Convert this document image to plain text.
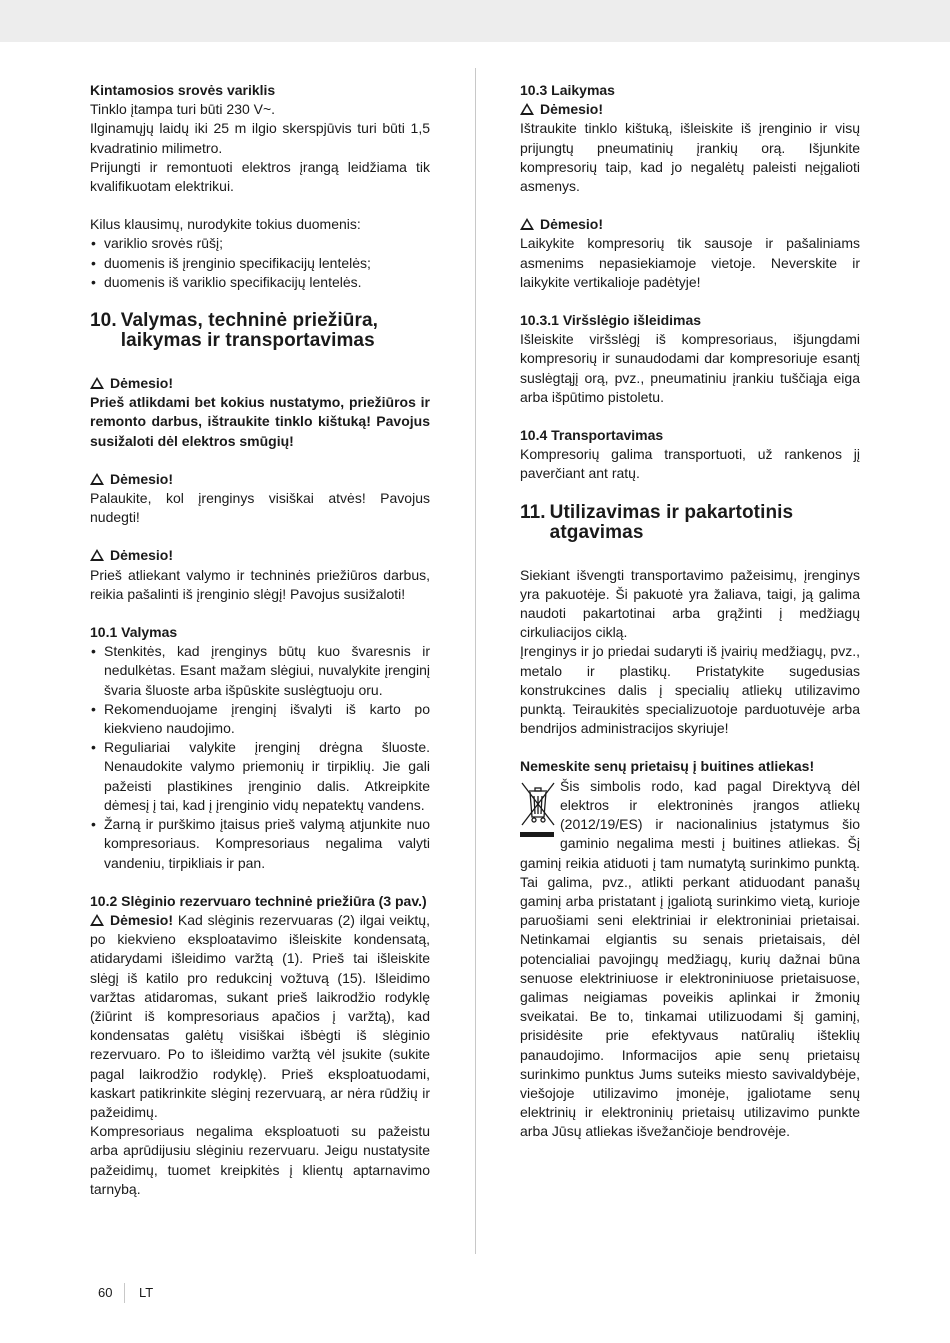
Kintamosios srovės variklis

Tinklo įtampa turi būti 230 V~.

Ilginamųjų laidų iki 25 m ilgio skerspjūvis turi būti 1,5 kvadratinio milimetro.

Prijungti ir remontuoti elektros įrangą leidžiama tik kvalifikuotam elektrikui.

Kilus klausimų, nurodykite tokius duomenis:

• variklio srovės rūšį;
• duomenis iš įrenginio specifikacijų lentelės;
• duomenis iš variklio specifikacijų lentelės.
10. Valymas, techninė priežiūra, laikymas ir transportavimas

Dėmesio!

Prieš atlikdami bet kokius nustatymo, priežiūros ir remonto darbus, ištraukite tinklo kištuką! Pavojus susižaloti dėl elektros smūgių!

Dėmesio!

Palaukite, kol įrenginys visiškai atvės! Pavojus nudegti!

Dėmesio!

Prieš atliekant valymo ir techninės priežiūros darbus, reikia pašalinti iš įrenginio slėgį! Pavojus susižaloti!

10.1 Valymas

• Stenkitės, kad įrenginys būtų kuo švaresnis ir nedulkėtas. Esant mažam slėgiui, nuvalykite įrenginį švaria šluoste arba išpūskite suslėgtuoju oru.
• Rekomenduojame įrenginį išvalyti iš karto po kiekvieno naudojimo.
• Reguliariai valykite įrenginį drėgna šluoste. Nenaudokite valymo priemonių ir tirpiklių. Jie gali pažeisti plastikines įrenginio dalis. Atkreipkite dėmesį į tai, kad į įrenginio vidų nepatektų vandens.
• Žarną ir purškimo įtaisus prieš valymą atjunkite nuo kompresoriaus. Kompresoriaus negalima valyti vandeniu, tirpikliais ir pan.

10.2 Slėginio rezervuaro techninė priežiūra (3 pav.)

Dėmesio! Kad slėginis rezervuaras (2) ilgai veiktų, po kiekvieno eksploatavimo išleiskite kondensatą, atidarydami išleidimo varžtą (1). Prieš tai išleiskite slėgį iš katilo pro redukcinį vožtuvą (15). Išleidimo varžtas atidaromas, sukant prieš laikrodžio rodyklę (žiūrint iš kompresoriaus apačios į varžtą), kad kondensatas galėtų visiškai išbėgti iš slėginio rezervuaro. Po to išleidimo varžtą vėl įsukite (sukite pagal laikrodžio rodyklę). Prieš eksploatuodami, kaskart patikrinkite slėginį rezervuarą, ar nėra rūdžių ir pažeidimų.

Kompresoriaus negalima eksploatuoti su pažeistu arba aprūdijusiu slėginiu rezervuaru. Jeigu nustatysite pažeidimų, tuomet kreipkitės į klientų aptarnavimo tarnybą.

10.3 Laikymas

Dėmesio!

Ištraukite tinklo kištuką, išleiskite iš įrenginio ir visų prijungtų pneumatinių įrankių orą. Išjunkite kompresorių taip, kad jo negalėtų paleisti neįgalioti asmenys.

Dėmesio!

Laikykite kompresorių tik sausoje ir pašaliniams asmenims nepasiekiamoje vietoje. Neverskite ir laikykite vertikalioje padėtyje!

10.3.1 Viršslėgio išleidimas

Išleiskite viršslėgį iš kompresoriaus, išjungdami kompresorių ir sunaudodami dar kompresoriuje esantį suslėgtąjį orą, pvz., pneumatiniu įrankiu tuščiąja eiga arba išpūtimo pistoletu.

10.4 Transportavimas

Kompresorių galima transportuoti, už rankenos jį paverčiant ant ratų.

11. Utilizavimas ir pakartotinis atgavimas

Siekiant išvengti transportavimo pažeisimų, įrenginys yra pakuotėje. Ši pakuotė yra žaliava, taigi, ją galima naudoti pakartotinai arba grąžinti į medžiagų cirkuliacijos ciklą.

Įrenginys ir jo priedai sudaryti iš įvairių medžiagų, pvz., metalo ir plastikų. Pristatykite sugedusias konstrukcines dalis į specialių atliekų utilizavimo punktą. Teiraukitės specializuotoje parduotuvėje arba bendrijos administracijos skyriuje!

Nemeskite senų prietaisų į buitines atliekas!

Šis simbolis rodo, kad pagal Direktyvą dėl elektros ir elektroninės įrangos atliekų (2012/19/ES) ir nacionalinius įstatymus šio gaminio negalima mesti į buitines atliekas. Šį gaminį reikia atiduoti į tam numatytą surinkimo punktą. Tai galima, pvz., atlikti perkant atiduodant panašų gaminį arba pristatant į įgaliotą surinkimo vietą, kurioje paruošiami seni elektriniai ir elektroniniai prietaisai. Netinkamai elgiantis su senais prietaisais, dėl potencialiai pavojingų medžiagų, kurių dažnai būna senuose elektriniuose ir elektroniniuose prietaisuose, galimas neigiamas poveikis aplinkai ir žmonių sveikatai. Be to, tinkamai utilizuodami šį gaminį, prisidėsite prie efektyvaus natūralių išteklių panaudojimo. Informacijos apie senų prietaisų surinkimo punktus Jums suteiks miesto savivaldybėje, viešojoje utilizavimo įmonėje, įgaliotame senų elektrinių ir elektroninių prietaisų utilizavimo punkte arba Jūsų atliekas išvežančioje bendrovėje.

60 LT
